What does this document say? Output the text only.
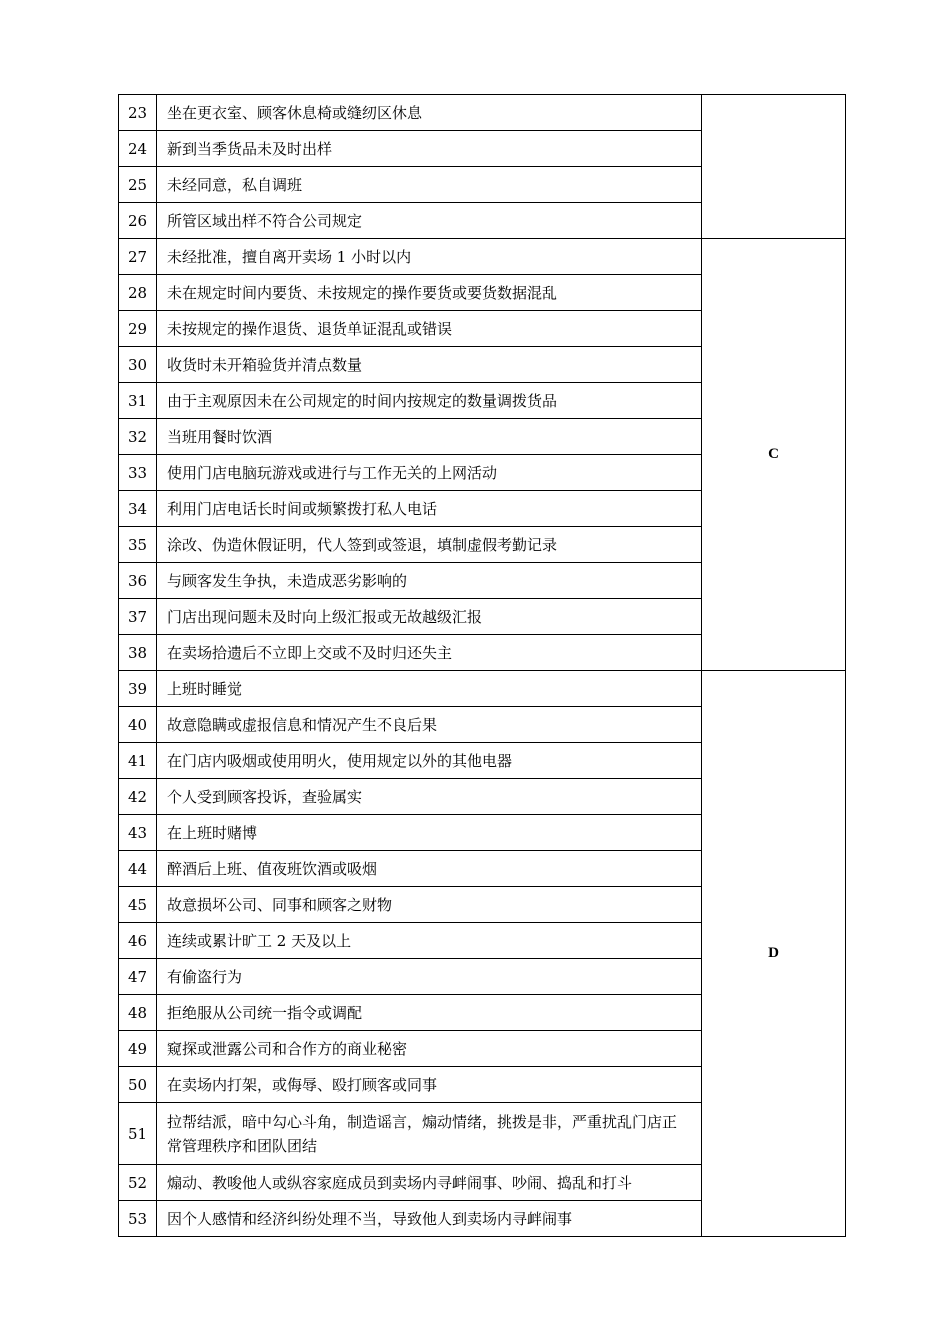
23	坐在更衣室、顾客休息椅或缝纫区休息	
24	新到当季货品未及时出样	
25	未经同意，私自调班	
26	所管区域出样不符合公司规定	
27	未经批准，擅自离开卖场 1 小时以内	C
28	未在规定时间内要货、未按规定的操作要货或要货数据混乱	
29	未按规定的操作退货、退货单证混乱或错误	
30	收货时未开箱验货并清点数量	
31	由于主观原因未在公司规定的时间内按规定的数量调拨货品	
32	当班用餐时饮酒	
33	使用门店电脑玩游戏或进行与工作无关的上网活动	
34	利用门店电话长时间或频繁拨打私人电话	
35	涂改、伪造休假证明，代人签到或签退，填制虚假考勤记录	
36	与顾客发生争执，未造成恶劣影响的	
37	门店出现问题未及时向上级汇报或无故越级汇报	
38	在卖场拾遗后不立即上交或不及时归还失主	
39	上班时睡觉	D
40	故意隐瞒或虚报信息和情况产生不良后果	
41	在门店内吸烟或使用明火，使用规定以外的其他电器	
42	个人受到顾客投诉，查验属实	
43	在上班时赌博	
44	醉酒后上班、值夜班饮酒或吸烟	
45	故意损坏公司、同事和顾客之财物	
46	连续或累计旷工 2 天及以上	
47	有偷盗行为	
48	拒绝服从公司统一指令或调配	
49	窥探或泄露公司和合作方的商业秘密	
50	在卖场内打架，或侮辱、殴打顾客或同事	
51	拉帮结派，暗中勾心斗角，制造谣言，煽动情绪，挑拨是非，严重扰乱门店正常管理秩序和团队团结	
52	煽动、教唆他人或纵容家庭成员到卖场内寻衅闹事、吵闹、捣乱和打斗	
53	因个人感情和经济纠纷处理不当，导致他人到卖场内寻衅闹事	
